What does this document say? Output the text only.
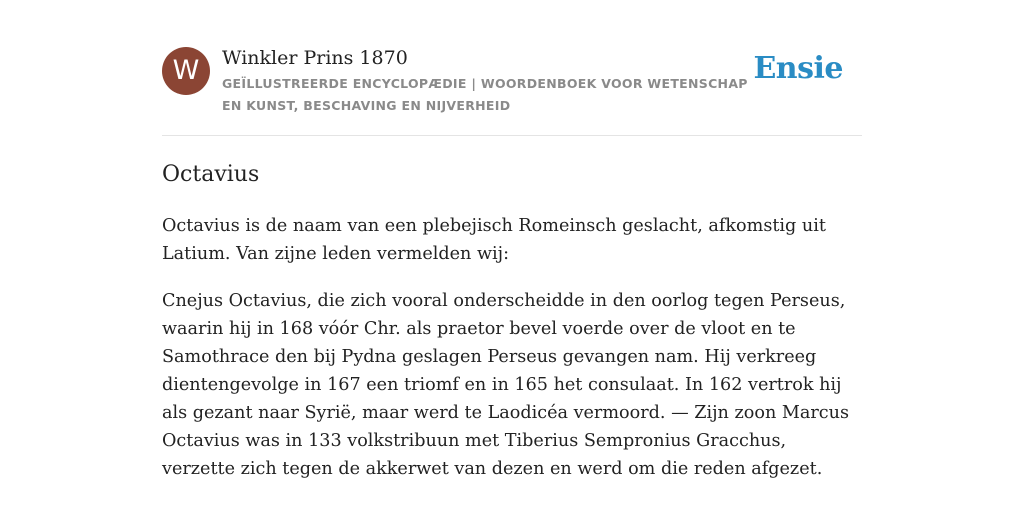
W	Winkler Prins 1870
GEÏLLUSTREERDE ENCYCLOPÆDIE | WOORDENBOEK VOOR WETENSCHAP EN KUNST, BESCHAVING EN NIJVERHEID
Ensie
Octavius

Octavius is de naam van een plebejisch Romeinsch geslacht, afkomstig uit Latium. Van zijne leden vermelden wij:

Cnejus Octavius, die zich vooral onderscheidde in den oorlog tegen Perseus, waarin hij in 168 vóór Chr. als praetor bevel voerde over de vloot en te Samothrace den bij Pydna geslagen Perseus gevangen nam. Hij verkreeg dientengevolge in 167 een triomf en in 165 het consulaat. In 162 vertrok hij als gezant naar Syrië, maar werd te Laodicéa vermoord. — Zijn zoon Marcus Octavius was in 133 volkstribuun met Tiberius Sempronius Gracchus, verzette zich tegen de akkerwet van dezen en werd om die reden afgezet.
